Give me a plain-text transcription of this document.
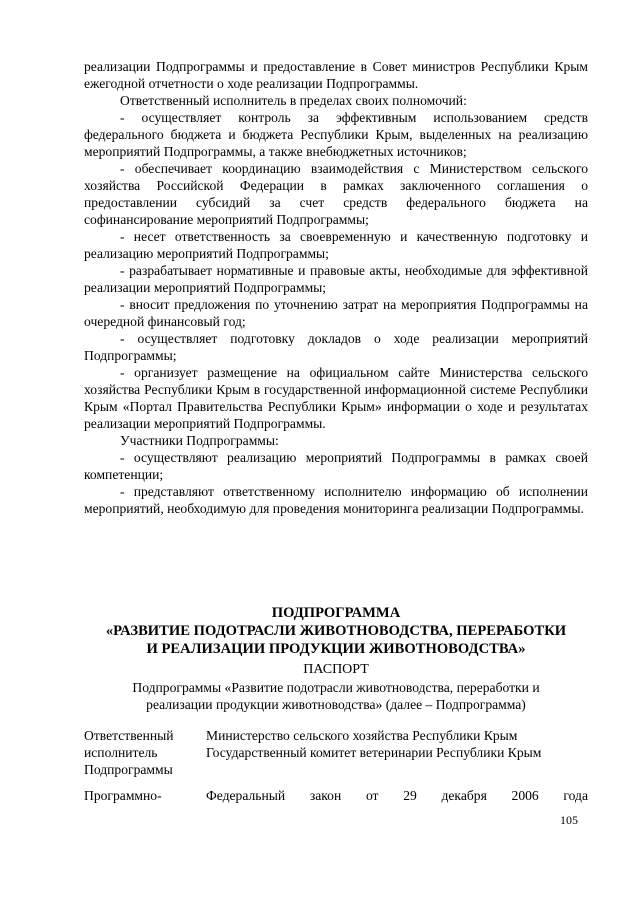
реализации Подпрограммы и предоставление в Совет министров Республики Крым ежегодной отчетности о ходе реализации Подпрограммы.

Ответственный исполнитель в пределах своих полномочий:

- осуществляет контроль за эффективным использованием средств федерального бюджета и бюджета Республики Крым, выделенных на реализацию мероприятий Подпрограммы, а также внебюджетных источников;

- обеспечивает координацию взаимодействия с Министерством сельского хозяйства Российской Федерации в рамках заключенного соглашения о предоставлении субсидий за счет средств федерального бюджета на софинансирование мероприятий Подпрограммы;

- несет ответственность за своевременную и качественную подготовку и реализацию мероприятий Подпрограммы;

- разрабатывает нормативные и правовые акты, необходимые для эффективной реализации мероприятий Подпрограммы;

- вносит предложения по уточнению затрат на мероприятия Подпрограммы на очередной финансовый год;

- осуществляет подготовку докладов о ходе реализации мероприятий Подпрограммы;

- организует размещение на официальном сайте Министерства сельского хозяйства Республики Крым в государственной информационной системе Республики Крым «Портал Правительства Республики Крым» информации о ходе и результатах реализации мероприятий Подпрограммы.

Участники Подпрограммы:

- осуществляют реализацию мероприятий Подпрограммы в рамках своей компетенции;

- представляют ответственному исполнителю информацию об исполнении мероприятий, необходимую для проведения мониторинга реализации Подпрограммы.

ПОДПРОГРАММА
«РАЗВИТИЕ ПОДОТРАСЛИ ЖИВОТНОВОДСТВА, ПЕРЕРАБОТКИ
И РЕАЛИЗАЦИИ ПРОДУКЦИИ ЖИВОТНОВОДСТВА»
ПАСПОРТ
Подпрограммы «Развитие подотрасли животноводства, переработки и
реализации продукции животноводства» (далее – Подпрограмма)
Ответственный
исполнитель
Подпрограммы
Министерство сельского хозяйства Республики Крым
Государственный комитет ветеринарии Республики Крым
Программно-	Федеральный закон от 29 декабря 2006 года
105
